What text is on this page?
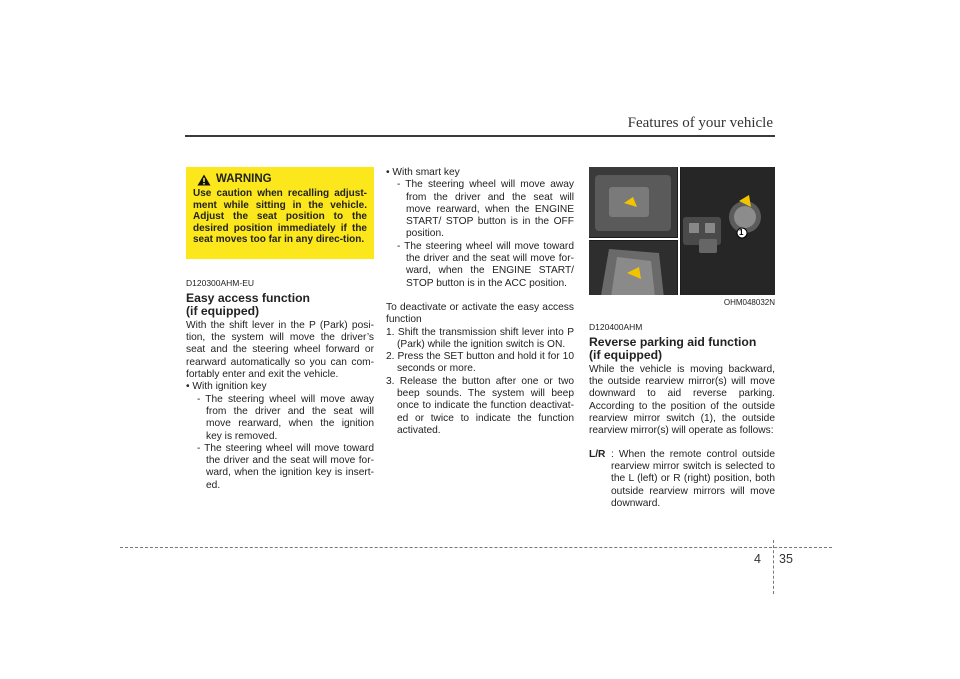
Features of your vehicle
WARNING
Use caution when recalling adjust-ment while sitting in the vehicle. Adjust the seat position to the desired position immediately if the seat moves too far in any direc-tion.
D120300AHM-EU
Easy access function
(if equipped)

With the shift lever in the P (Park) posi-tion, the system will move the driver’s seat and the steering wheel forward or rearward automatically so you can com-fortably enter and exit the vehicle.

• With ignition key

- The steering wheel will move away from the driver and the seat will move rearward, when the ignition key is removed.

- The steering wheel will move toward the driver and the seat will move for-ward, when the ignition key is insert-ed.

• With smart key

- The steering wheel will move away from the driver and the seat will move rearward, when the ENGINE START/ STOP button is in the OFF position.

- The steering wheel will move toward the driver and the seat will move for-ward, when the ENGINE START/ STOP button is in the ACC position.

To deactivate or activate the easy access function

1. Shift the transmission shift lever into P (Park) while the ignition switch is ON.

2. Press the SET button and hold it for 10 seconds or more.

3. Release the button after one or two beep sounds. The system will beep once to indicate the function deactivat-ed or twice to indicate the function activated.

1
OHM048032N
D120400AHM
Reverse parking aid function
(if equipped)

While the vehicle is moving backward, the outside rearview mirror(s) will move downward to aid reverse parking. According to the position of the outside rearview mirror switch (1), the outside rearview mirror(s) will operate as follows:

L/R : When the remote control outside rearview mirror switch is selected to the L (left) or R (right) position, both outside rearview mirrors will move downward.
4 35
